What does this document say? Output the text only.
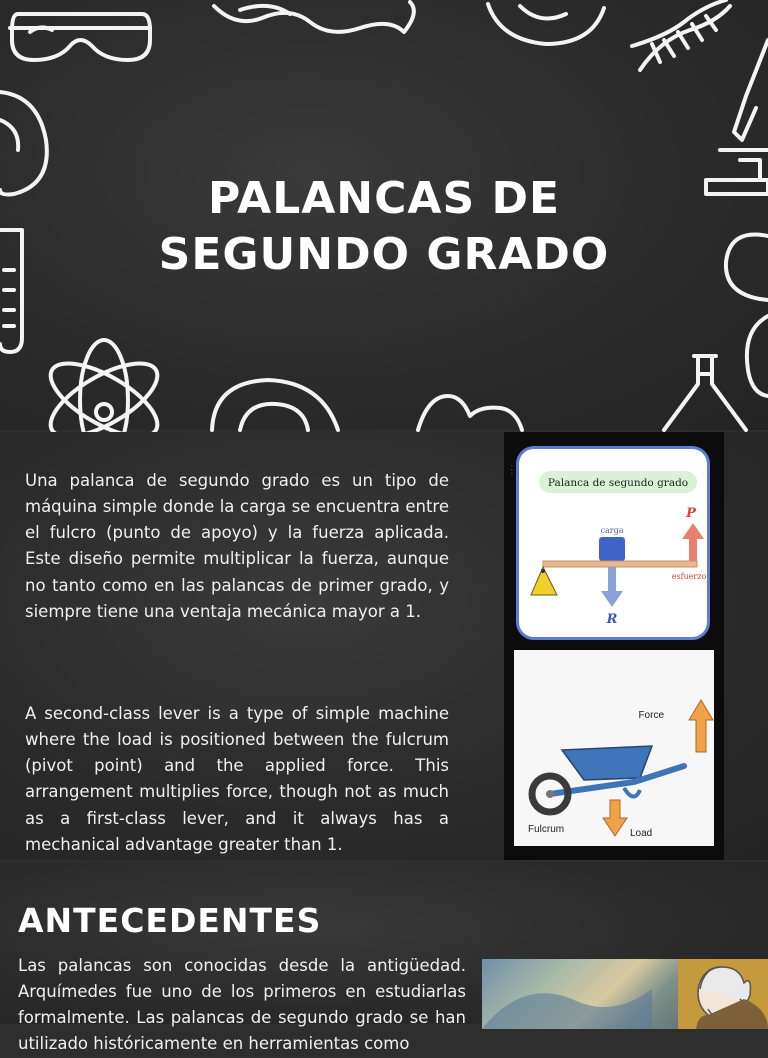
PALANCAS DE
SEGUNDO GRADO

Una palanca de segundo grado es un tipo de máquina simple donde la carga se encuentra entre el fulcro (punto de apoyo) y la fuerza aplicada. Este diseño permite multiplicar la fuerza, aunque no tanto como en las palancas de primer grado, y siempre tiene una ventaja mecánica mayor a 1.

A second-class lever is a type of simple machine where the load is positioned between the fulcrum (pivot point) and the applied force. This arrangement multiplies force, though not as much as a first-class lever, and it always has a mechanical advantage greater than 1.

· · ·
Palanca de segundo grado
carga
P
esfuerzo
R
Force
Fulcrum	Load
ANTECEDENTES

Las palancas son conocidas desde la antigüedad. Arquímedes fue uno de los primeros en estudiarlas formalmente. Las palancas de segundo grado se han utilizado históricamente en herramientas como
